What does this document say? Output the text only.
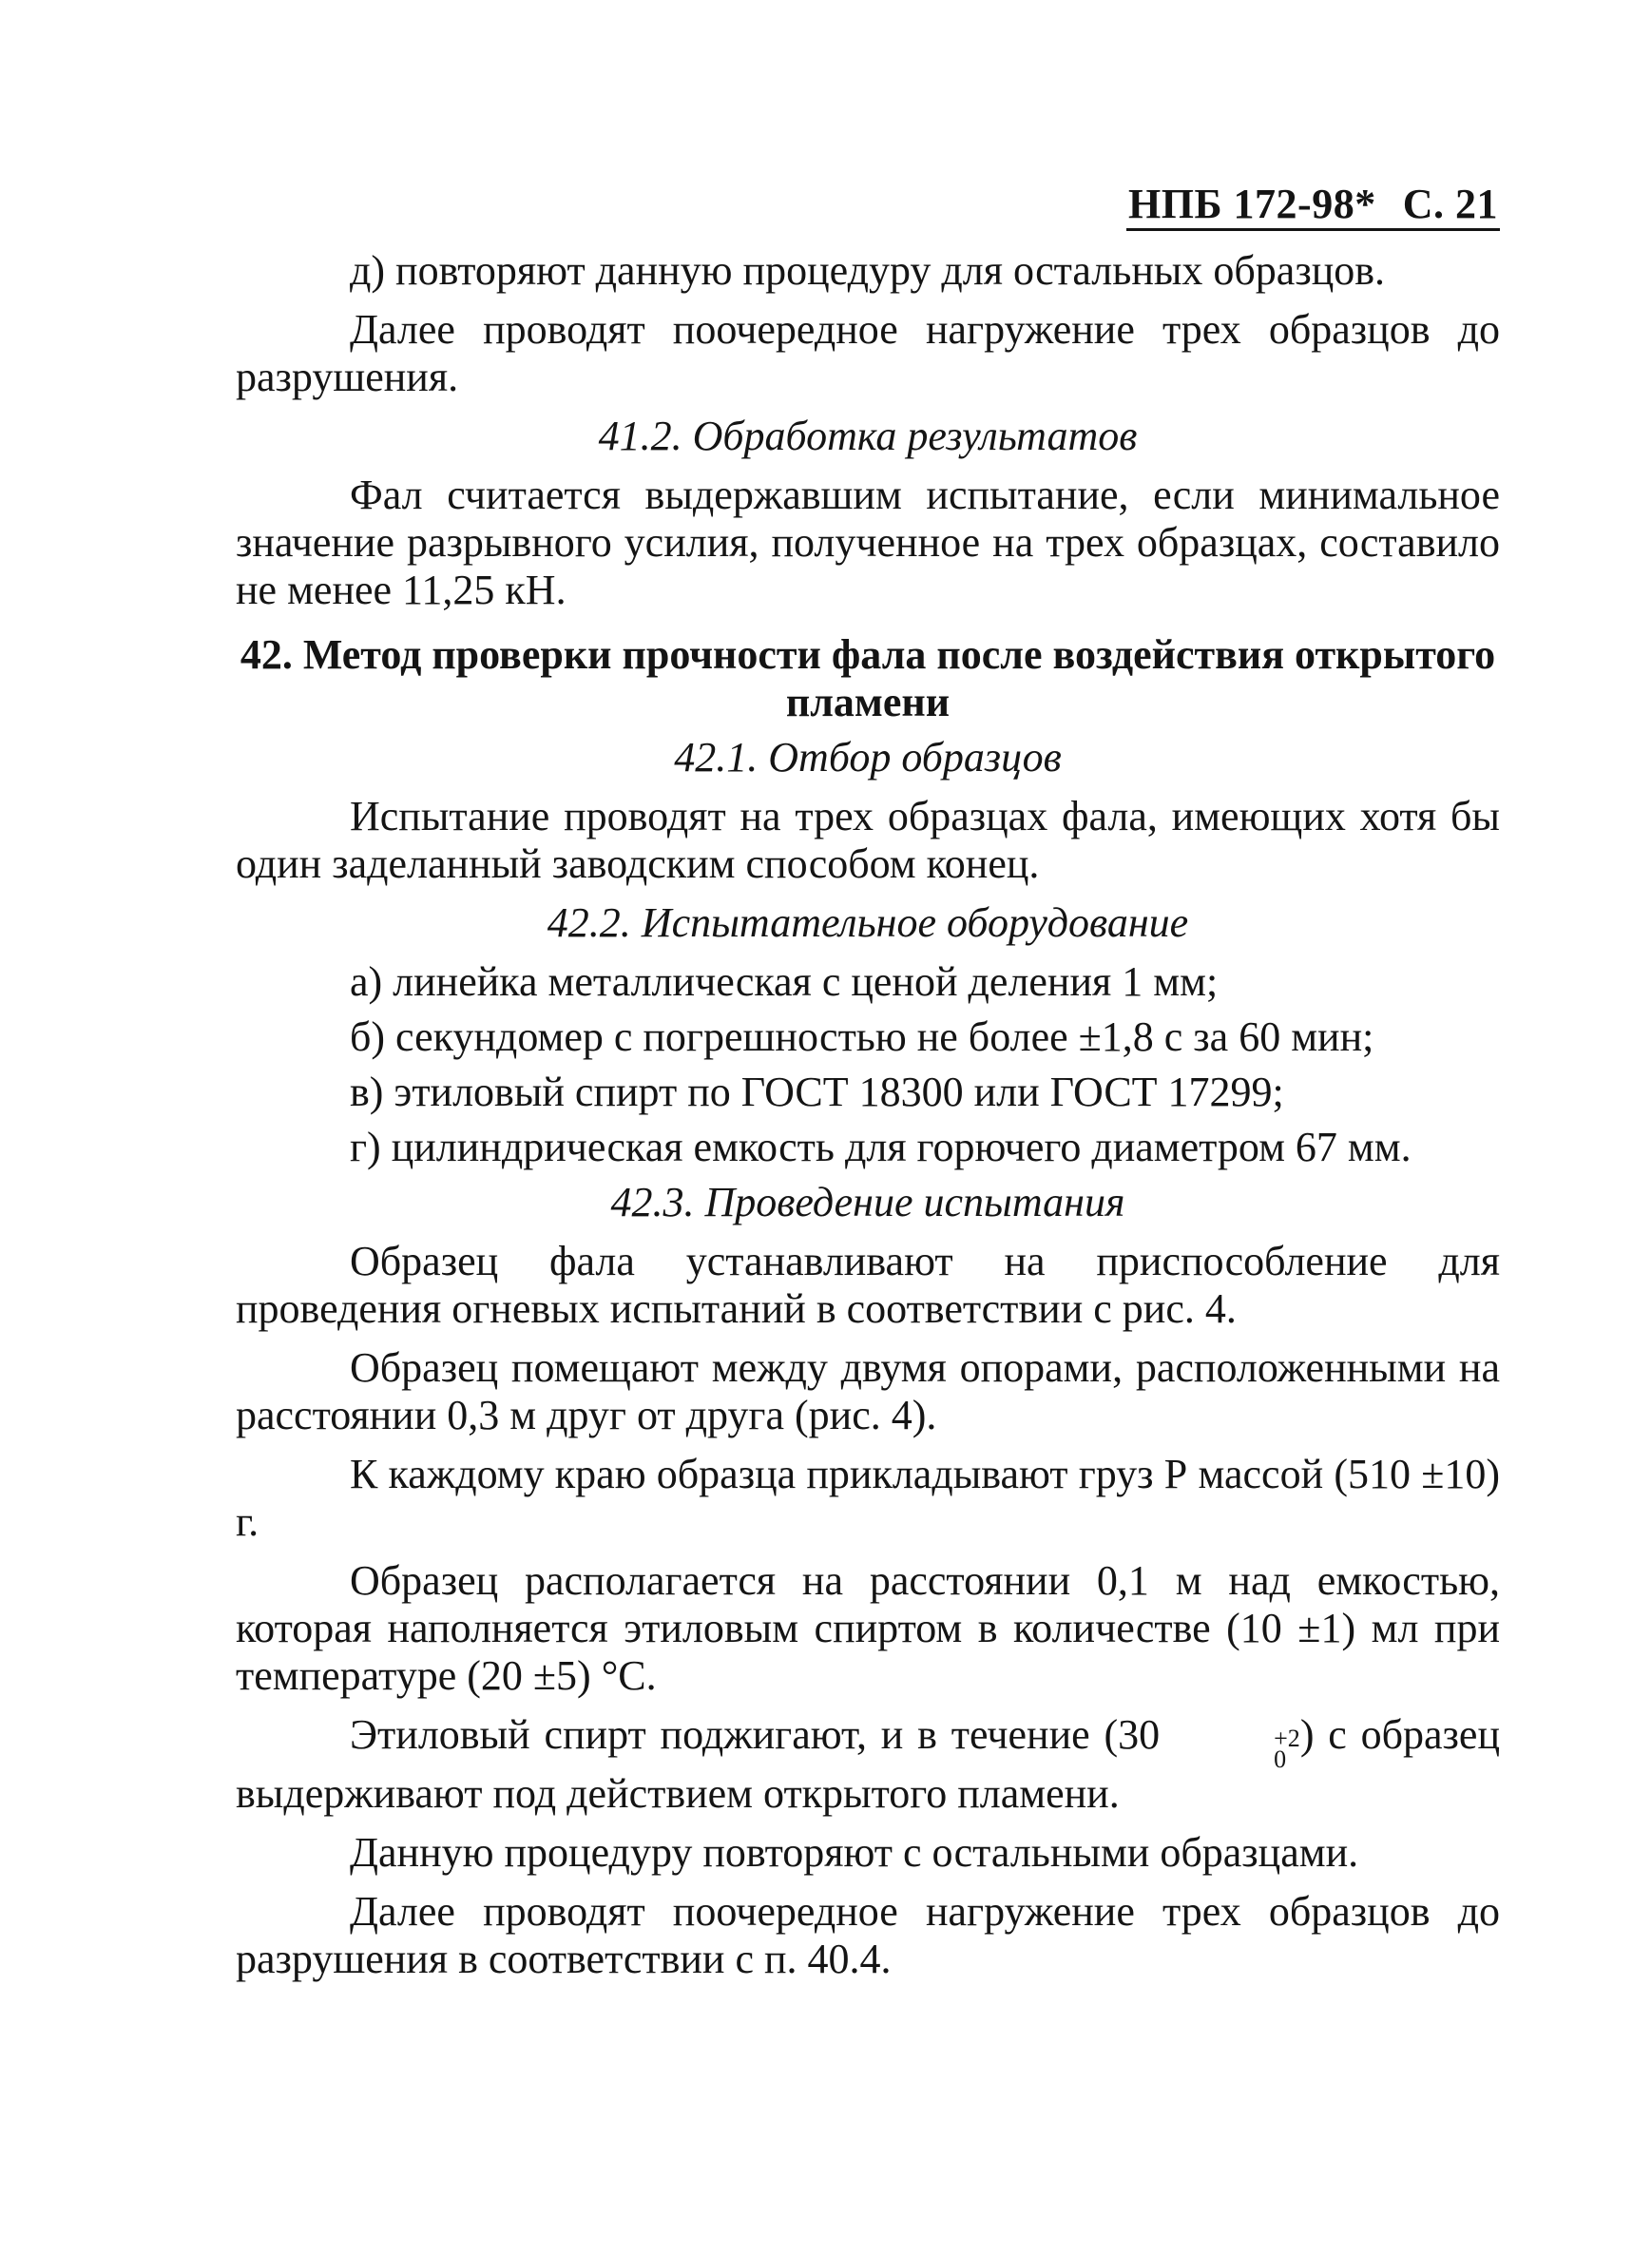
НПБ 172-98* С. 21

д) повторяют данную процедуру для остальных образцов.

Далее проводят поочередное нагружение трех образцов до разрушения.

41.2. Обработка результатов

Фал считается выдержавшим испытание, если минимальное значение разрывного усилия, полученное на трех образцах, составило не менее 11,25 кН.

42. Метод проверки прочности фала после воздействия открытого пламени

42.1. Отбор образцов

Испытание проводят на трех образцах фала, имеющих хотя бы один заделанный заводским способом конец.

42.2. Испытательное оборудование

а) линейка металлическая с ценой деления 1 мм;

б) секундомер с погрешностью не более ±1,8 с за 60 мин;

в) этиловый спирт по ГОСТ 18300 или ГОСТ 17299;

г) цилиндрическая емкость для горючего диаметром 67 мм.

42.3. Проведение испытания

Образец фала устанавливают на приспособление для проведения огневых испытаний в соответствии с рис. 4.

Образец помещают между двумя опорами, расположенными на расстоянии 0,3 м друг от друга (рис. 4).

К каждому краю образца прикладывают груз Р массой (510 ±10) г.

Образец располагается на расстоянии 0,1 м над емкостью, которая наполняется этиловым спиртом в количестве (10 ±1) мл при температуре (20 ±5) °С.

Этиловый спирт поджигают, и в течение (30	$^{+2 0}$
) с образец выдерживают под действием открытого пламени.

Данную процедуру повторяют с остальными образцами.

Далее проводят поочередное нагружение трех образцов до разрушения в соответствии с п. 40.4.
